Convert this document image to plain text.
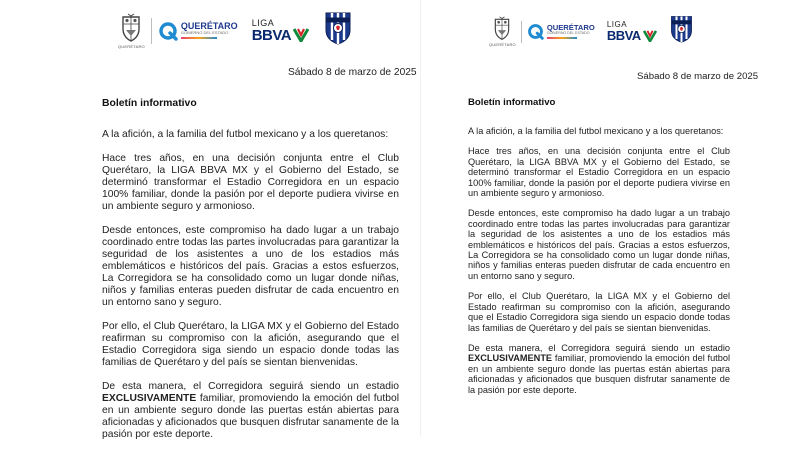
QUERÉTARO
QUERÉTARO
GOBIERNO DEL ESTADO
LIGA
BBVA
Sábado 8 de marzo de 2025
Boletín informativo

A la afición, a la familia del futbol mexicano y a los queretanos:

Hace tres años, en una decisión conjunta entre el Club Querétaro, la LIGA BBVA MX y el Gobierno del Estado, se determinó transformar el Estadio Corregidora en un espacio 100% familiar, donde la pasión por el deporte pudiera vivirse en un ambiente seguro y armonioso.

Desde entonces, este compromiso ha dado lugar a un trabajo coordinado entre todas las partes involucradas para garantizar la seguridad de los asistentes a uno de los estadios más emblemáticos e históricos del país. Gracias a estos esfuerzos, La Corregidora se ha consolidado como un lugar donde niñas, niños y familias enteras pueden disfrutar de cada encuentro en un entorno sano y seguro.

Por ello, el Club Querétaro, la LIGA MX y el Gobierno del Estado reafirman su compromiso con la afición, asegurando que el Estadio Corregidora siga siendo un espacio donde todas las familias de Querétaro y del país se sientan bienvenidas.

De esta manera, el Corregidora seguirá siendo un estadio EXCLUSIVAMENTE familiar, promoviendo la emoción del futbol en un ambiente seguro donde las puertas están abiertas para aficionadas y aficionados que busquen disfrutar sanamente de la pasión por este deporte.

QUERÉTARO
QUERÉTARO
GOBIERNO DEL ESTADO
LIGA
BBVA
Sábado 8 de marzo de 2025
Boletín informativo

A la afición, a la familia del futbol mexicano y a los queretanos:

Hace tres años, en una decisión conjunta entre el Club Querétaro, la LIGA BBVA MX y el Gobierno del Estado, se determinó transformar el Estadio Corregidora en un espacio 100% familiar, donde la pasión por el deporte pudiera vivirse en un ambiente seguro y armonioso.

Desde entonces, este compromiso ha dado lugar a un trabajo coordinado entre todas las partes involucradas para garantizar la seguridad de los asistentes a uno de los estadios más emblemáticos e históricos del país. Gracias a estos esfuerzos, La Corregidora se ha consolidado como un lugar donde niñas, niños y familias enteras pueden disfrutar de cada encuentro en un entorno sano y seguro.

Por ello, el Club Querétaro, la LIGA MX y el Gobierno del Estado reafirman su compromiso con la afición, asegurando que el Estadio Corregidora siga siendo un espacio donde todas las familias de Querétaro y del país se sientan bienvenidas.

De esta manera, el Corregidora seguirá siendo un estadio EXCLUSIVAMENTE familiar, promoviendo la emoción del futbol en un ambiente seguro donde las puertas están abiertas para aficionadas y aficionados que busquen disfrutar sanamente de la pasión por este deporte.
